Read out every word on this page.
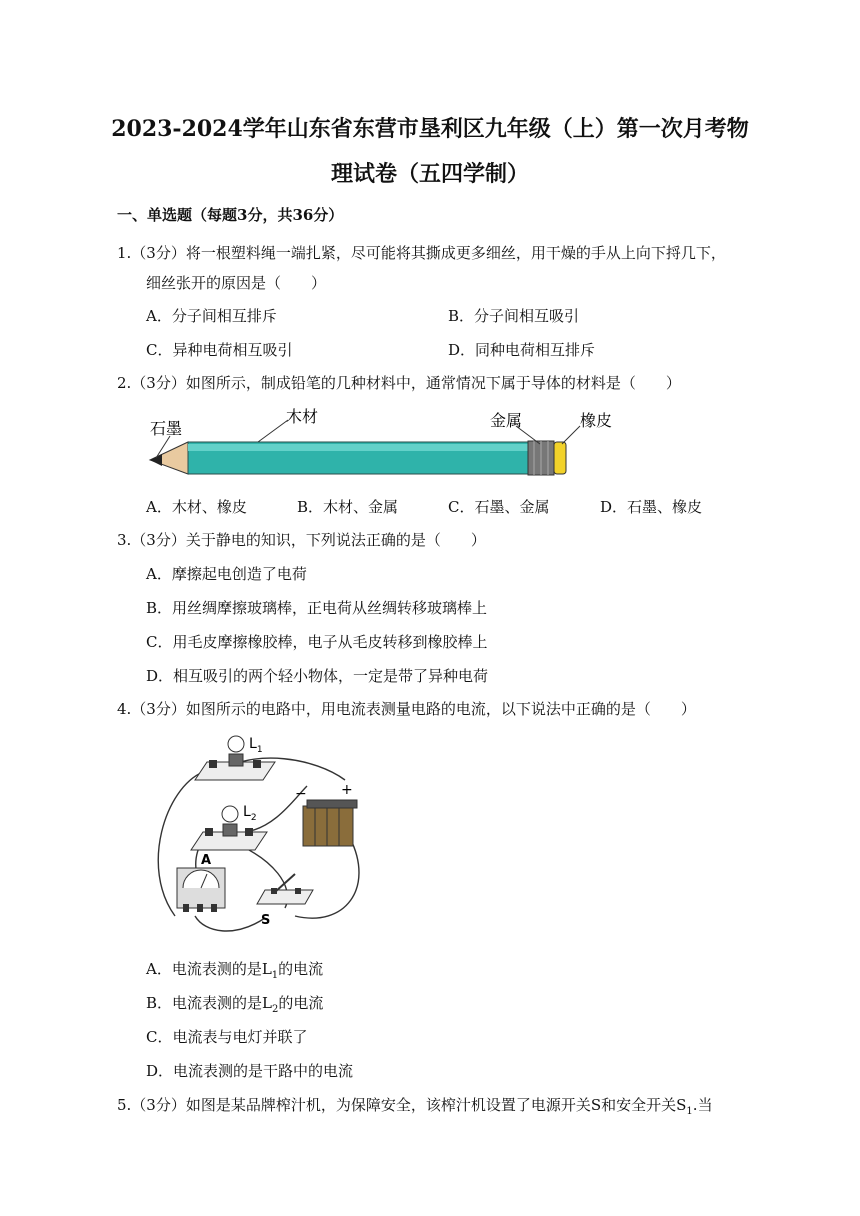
2023-2024学年山东省东营市垦利区九年级（上）第一次月考物
理试卷（五四学制）
一、单选题（每题3分，共36分）
1.（3分）将一根塑料绳一端扎紧，尽可能将其撕成更多细丝，用干燥的手从上向下捋几下，
细丝张开的原因是（　　）
A．分子间相互排斥	B．分子间相互吸引
C．异种电荷相互吸引	D．同种电荷相互排斥
2.（3分）如图所示，制成铅笔的几种材料中，通常情况下属于导体的材料是（　　）
石墨
木材	金属	橡皮
A．木材、橡皮	B．木材、金属	C．石墨、金属	D．石墨、橡皮
3.（3分）关于静电的知识，下列说法正确的是（　　）
A．摩擦起电创造了电荷
B．用丝绸摩擦玻璃棒，正电荷从丝绸转移玻璃棒上
C．用毛皮摩擦橡胶棒，电子从毛皮转移到橡胶棒上
D．相互吸引的两个轻小物体，一定是带了异种电荷
4.（3分）如图所示的电路中，用电流表测量电路的电流，以下说法中正确的是（　　）
$L_1$
$L_2$
− +
A
S
A．电流表测的是$L_1$的电流
B．电流表测的是$L_2$的电流
C．电流表与电灯并联了
D．电流表测的是干路中的电流
5.（3分）如图是某品牌榨汁机，为保障安全，该榨汁机设置了电源开关S和安全开关$S_1$.当
